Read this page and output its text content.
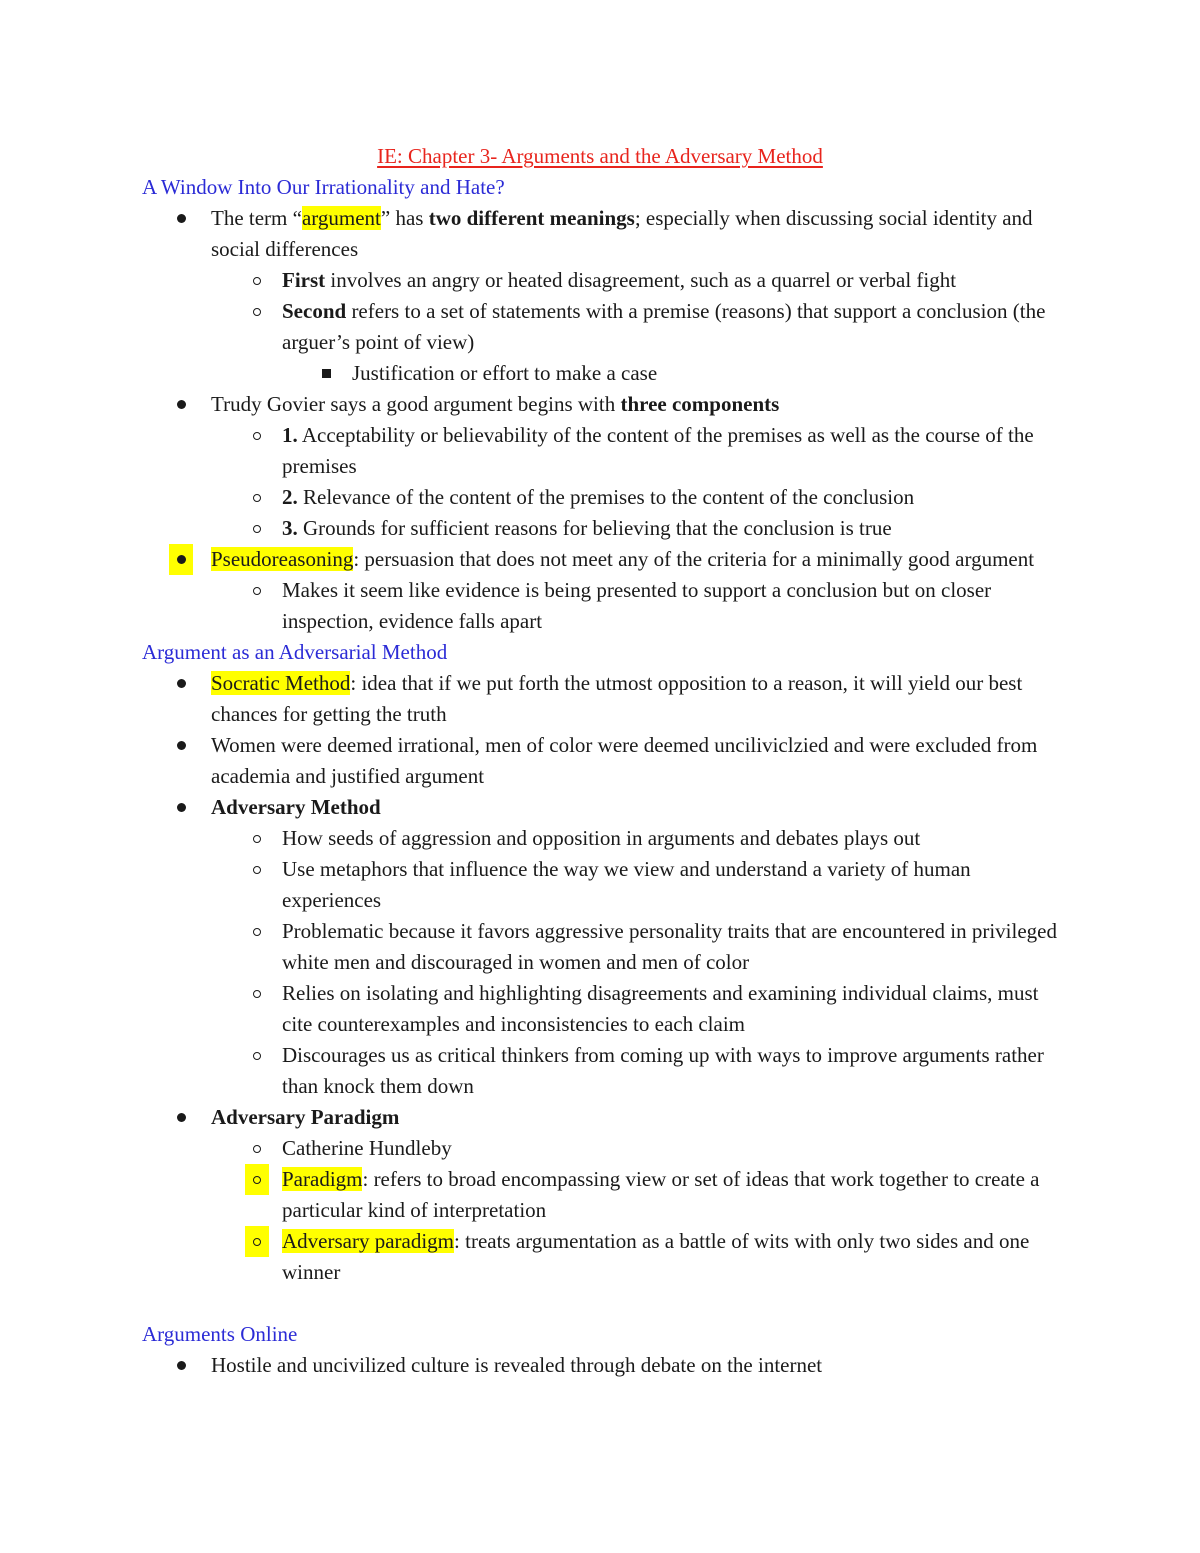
IE: Chapter 3- Arguments and the Adversary Method
A Window Into Our Irrationality and Hate?
The term “argument” has two different meanings; especially when discussing social identity and social differences
First involves an angry or heated disagreement, such as a quarrel or verbal fight
Second refers to a set of statements with a premise (reasons) that support a conclusion (the arguer’s point of view)
Justification or effort to make a case
Trudy Govier says a good argument begins with three components
1. Acceptability or believability of the content of the premises as well as the course of the premises
2. Relevance of the content of the premises to the content of the conclusion
3. Grounds for sufficient reasons for believing that the conclusion is true
Pseudoreasoning: persuasion that does not meet any of the criteria for a minimally good argument
Makes it seem like evidence is being presented to support a conclusion but on closer inspection, evidence falls apart
Argument as an Adversarial Method
Socratic Method: idea that if we put forth the utmost opposition to a reason, it will yield our best chances for getting the truth
Women were deemed irrational, men of color were deemed unciliviclzied and were excluded from academia and justified argument
Adversary Method
How seeds of aggression and opposition in arguments and debates plays out
Use metaphors that influence the way we view and understand a variety of human experiences
Problematic because it favors aggressive personality traits that are encountered in privileged white men and discouraged in women and men of color
Relies on isolating and highlighting disagreements and examining individual claims, must cite counterexamples and inconsistencies to each claim
Discourages us as critical thinkers from coming up with ways to improve arguments rather than knock them down
Adversary Paradigm
Catherine Hundleby
Paradigm: refers to broad encompassing view or set of ideas that work together to create a particular kind of interpretation
Adversary paradigm: treats argumentation as a battle of wits with only two sides and one winner
Arguments Online
Hostile and uncivilized culture is revealed through debate on the internet
